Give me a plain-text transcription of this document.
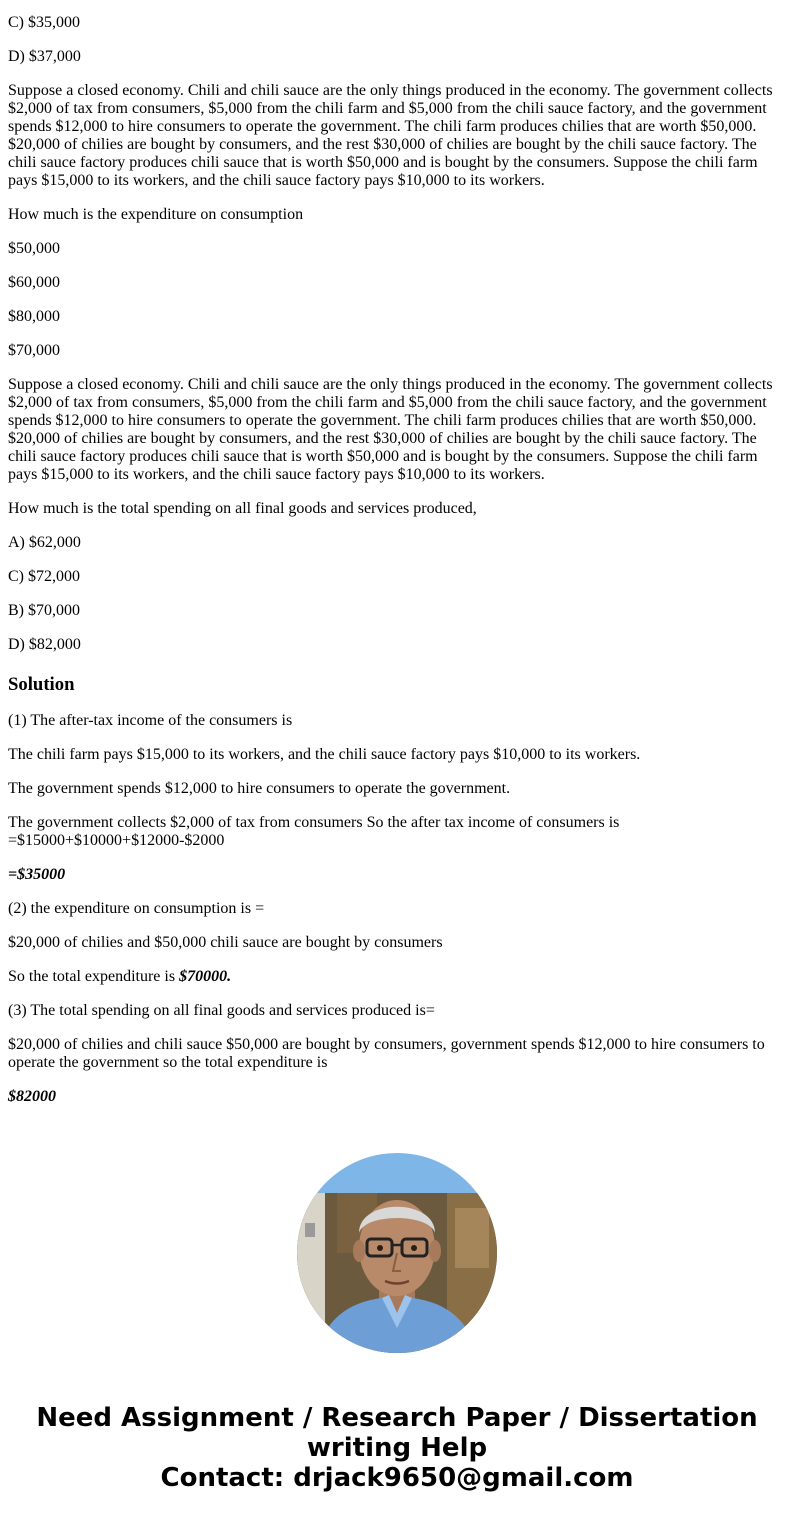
C) $35,000

D) $37,000

Suppose a closed economy. Chili and chili sauce are the only things produced in the economy. The government collects $2,000 of tax from consumers, $5,000 from the chili farm and $5,000 from the chili sauce factory, and the government spends $12,000 to hire consumers to operate the government. The chili farm produces chilies that are worth $50,000. $20,000 of chilies are bought by consumers, and the rest $30,000 of chilies are bought by the chili sauce factory. The chili sauce factory produces chili sauce that is worth $50,000 and is bought by the consumers. Suppose the chili farm pays $15,000 to its workers, and the chili sauce factory pays $10,000 to its workers.

How much is the expenditure on consumption

$50,000

$60,000

$80,000

$70,000

Suppose a closed economy. Chili and chili sauce are the only things produced in the economy. The government collects $2,000 of tax from consumers, $5,000 from the chili farm and $5,000 from the chili sauce factory, and the government spends $12,000 to hire consumers to operate the government. The chili farm produces chilies that are worth $50,000. $20,000 of chilies are bought by consumers, and the rest $30,000 of chilies are bought by the chili sauce factory. The chili sauce factory produces chili sauce that is worth $50,000 and is bought by the consumers. Suppose the chili farm pays $15,000 to its workers, and the chili sauce factory pays $10,000 to its workers.

How much is the total spending on all final goods and services produced,

A) $62,000

C) $72,000

B) $70,000

D) $82,000

Solution

(1) The after-tax income of the consumers is

The chili farm pays $15,000 to its workers, and the chili sauce factory pays $10,000 to its workers.

The government spends $12,000 to hire consumers to operate the government.

The government collects $2,000 of tax from consumers So the after tax income of consumers is =$15000+$10000+$12000-$2000

=$35000

(2) the expenditure on consumption is =

$20,000 of chilies and $50,000 chili sauce are bought by consumers

So the total expenditure is $70000.

(3) The total spending on all final goods and services produced is=

$20,000 of chilies and chili sauce $50,000 are bought by consumers, government spends $12,000 to hire consumers to operate the government so the total expenditure is

$82000

Need Assignment / Research Paper / Dissertation
writing Help
Contact: drjack9650@gmail.com
